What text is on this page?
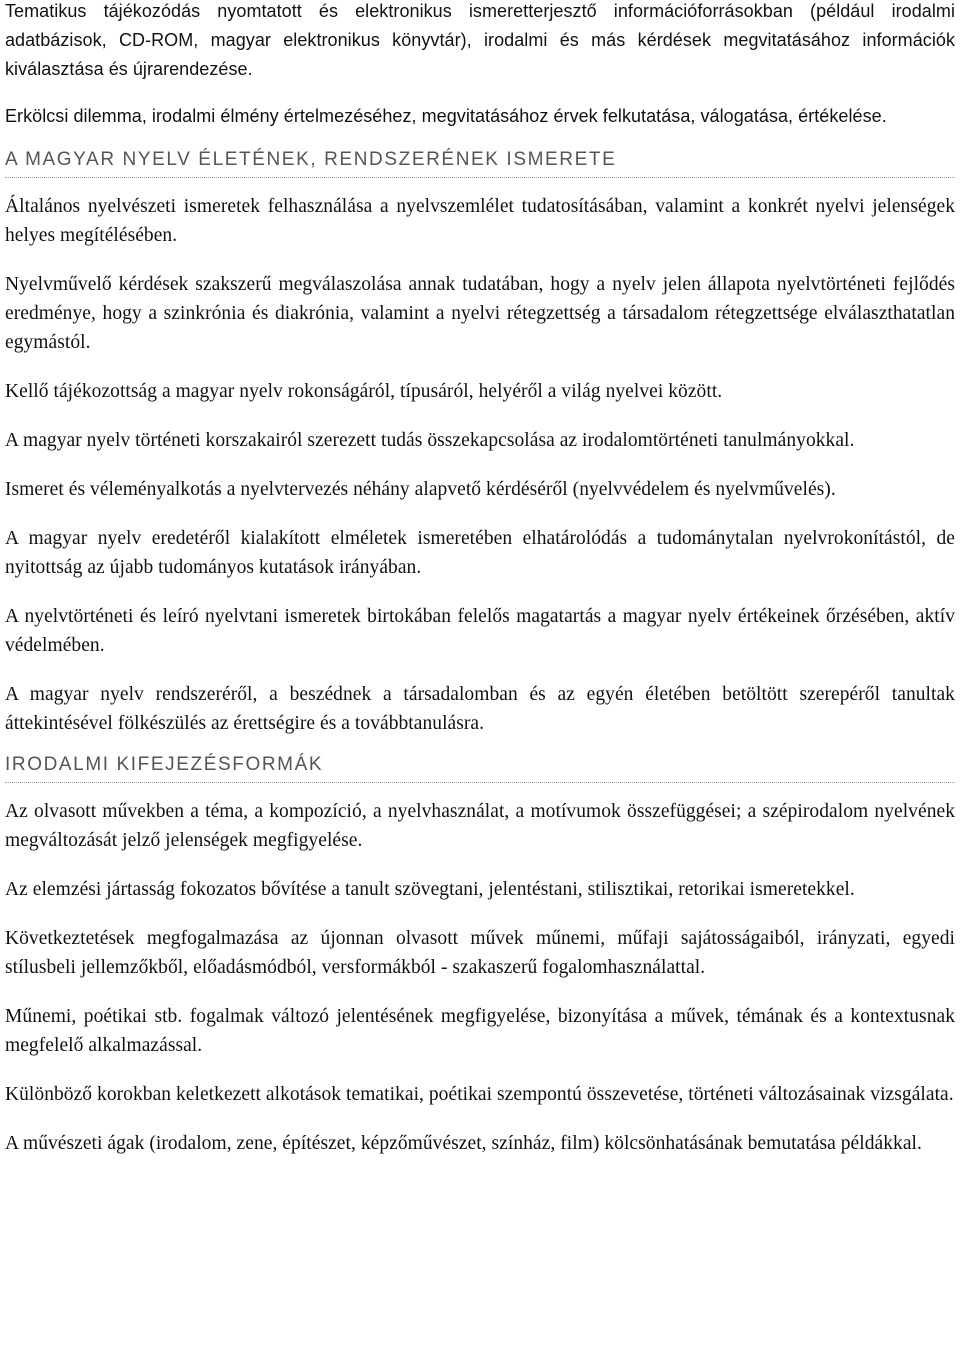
Tematikus tájékozódás nyomtatott és elektronikus ismeretterjesztő információforrásokban (például irodalmi adatbázisok, CD-ROM, magyar elektronikus könyvtár), irodalmi és más kérdések megvitatásához információk kiválasztása és újrarendezése.

Erkölcsi dilemma, irodalmi élmény értelmezéséhez, megvitatásához érvek felkutatása, válogatása, értékelése.

A MAGYAR NYELV ÉLETÉNEK, RENDSZERÉNEK ISMERETE

Általános nyelvészeti ismeretek felhasználása a nyelvszemlélet tudatosításában, valamint a konkrét nyelvi jelenségek helyes megítélésében.

Nyelvművelő kérdések szakszerű megválaszolása annak tudatában, hogy a nyelv jelen állapota nyelvtörténeti fejlődés eredménye, hogy a szinkrónia és diakrónia, valamint a nyelvi rétegzettség a társadalom rétegzettsége elválaszthatatlan egymástól.

Kellő tájékozottság a magyar nyelv rokonságáról, típusáról, helyéről a világ nyelvei között.

A magyar nyelv történeti korszakairól szerezett tudás összekapcsolása az irodalomtörténeti tanulmányokkal.

Ismeret és véleményalkotás a nyelvtervezés néhány alapvető kérdéséről (nyelvvédelem és nyelvművelés).

A magyar nyelv eredetéről kialakított elméletek ismeretében elhatárolódás a tudománytalan nyelvrokonítástól, de nyitottság az újabb tudományos kutatások irányában.

A nyelvtörténeti és leíró nyelvtani ismeretek birtokában felelős magatartás a magyar nyelv értékeinek őrzésében, aktív védelmében.

A magyar nyelv rendszeréről, a beszédnek a társadalomban és az egyén életében betöltött szerepéről tanultak áttekintésével fölkészülés az érettségire és a továbbtanulásra.

IRODALMI KIFEJEZÉSFORMÁK

Az olvasott művekben a téma, a kompozíció, a nyelvhasználat, a motívumok összefüggései; a szépirodalom nyelvének megváltozását jelző jelenségek megfigyelése.

Az elemzési jártasság fokozatos bővítése a tanult szövegtani, jelentéstani, stilisztikai, retorikai ismeretekkel.

Következtetések megfogalmazása az újonnan olvasott művek műnemi, műfaji sajátosságaiból, irányzati, egyedi stílusbeli jellemzőkből, előadásmódból, versformákból - szakaszerű fogalomhasználattal.

Műnemi, poétikai stb. fogalmak változó jelentésének megfigyelése, bizonyítása a művek, témának és a kontextusnak megfelelő alkalmazással.

Különböző korokban keletkezett alkotások tematikai, poétikai szempontú összevetése, történeti változásainak vizsgálata.

A művészeti ágak (irodalom, zene, építészet, képzőművészet, színház, film) kölcsönhatásának bemutatása példákkal.
